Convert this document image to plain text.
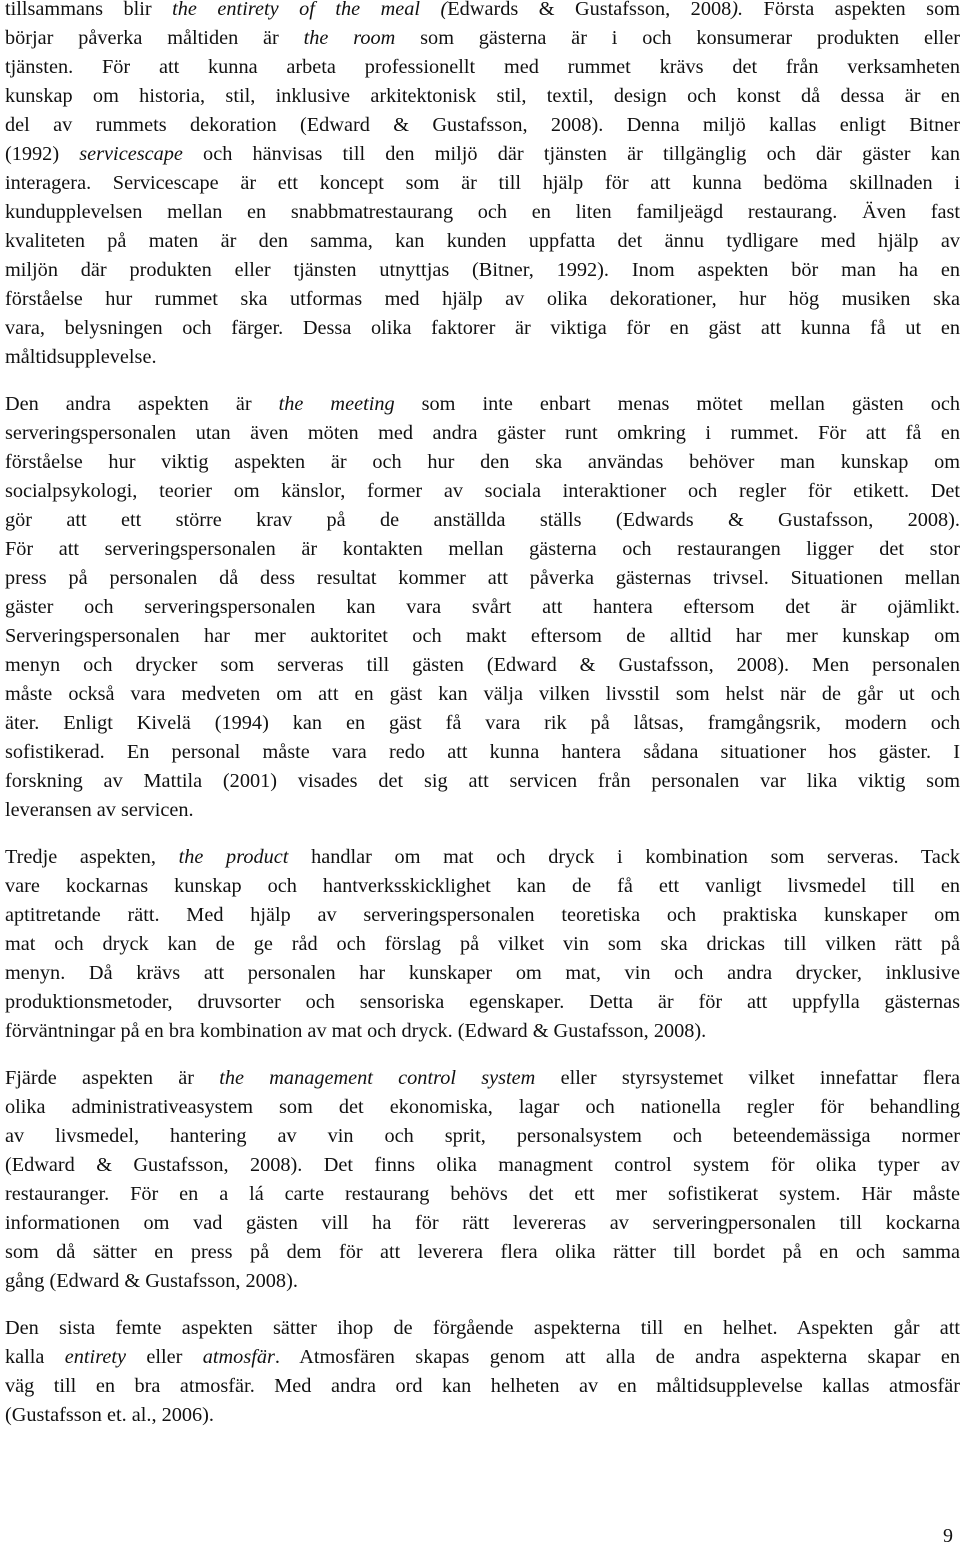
tillsammans blir the entirety of the meal (Edwards & Gustafsson, 2008). Första aspekten som
börjar påverka måltiden är the room som gästerna är i och konsumerar produkten eller
tjänsten. För att kunna arbeta professionellt med rummet krävs det från verksamheten
kunskap om historia, stil, inklusive arkitektonisk stil, textil, design och konst då dessa är en
del av rummets dekoration (Edward & Gustafsson, 2008). Denna miljö kallas enligt Bitner
(1992) servicescape och hänvisas till den miljö där tjänsten är tillgänglig och där gäster kan
interagera. Servicescape är ett koncept som är till hjälp för att kunna bedöma skillnaden i
kundupplevelsen mellan en snabbmatrestaurang och en liten familjeägd restaurang. Även fast
kvaliteten på maten är den samma, kan kunden uppfatta det ännu tydligare med hjälp av
miljön där produkten eller tjänsten utnyttjas (Bitner, 1992). Inom aspekten bör man ha en
förståelse hur rummet ska utformas med hjälp av olika dekorationer, hur hög musiken ska
vara, belysningen och färger. Dessa olika faktorer är viktiga för en gäst att kunna få ut en
måltidsupplevelse.
Den andra aspekten är the meeting som inte enbart menas mötet mellan gästen och
serveringspersonalen utan även möten med andra gäster runt omkring i rummet. För att få en
förståelse hur viktig aspekten är och hur den ska användas behöver man kunskap om
socialpsykologi, teorier om känslor, former av sociala interaktioner och regler för etikett. Det
gör att ett större krav på de anställda ställs (Edwards & Gustafsson, 2008).
För att serveringspersonalen är kontakten mellan gästerna och restaurangen ligger det stor
press på personalen då dess resultat kommer att påverka gästernas trivsel. Situationen mellan
gäster och serveringspersonalen kan vara svårt att hantera eftersom det är ojämlikt.
Serveringspersonalen har mer auktoritet och makt eftersom de alltid har mer kunskap om
menyn och drycker som serveras till gästen (Edward & Gustafsson, 2008). Men personalen
måste också vara medveten om att en gäst kan välja vilken livsstil som helst när de går ut och
äter. Enligt Kivelä (1994) kan en gäst få vara rik på låtsas, framgångsrik, modern och
sofistikerad. En personal måste vara redo att kunna hantera sådana situationer hos gäster. I
forskning av Mattila (2001) visades det sig att servicen från personalen var lika viktig som
leveransen av servicen.
Tredje aspekten, the product handlar om mat och dryck i kombination som serveras. Tack
vare kockarnas kunskap och hantverksskicklighet kan de få ett vanligt livsmedel till en
aptitretande rätt. Med hjälp av serveringspersonalen teoretiska och praktiska kunskaper om
mat och dryck kan de ge råd och förslag på vilket vin som ska drickas till vilken rätt på
menyn. Då krävs att personalen har kunskaper om mat, vin och andra drycker, inklusive
produktionsmetoder, druvsorter och sensoriska egenskaper. Detta är för att uppfylla gästernas
förväntningar på en bra kombination av mat och dryck. (Edward & Gustafsson, 2008).
Fjärde aspekten är the management control system eller styrsystemet vilket innefattar flera
olika administrativeasystem som det ekonomiska, lagar och nationella regler för behandling
av livsmedel, hantering av vin och sprit, personalsystem och beteendemässiga normer
(Edward & Gustafsson, 2008). Det finns olika managment control system för olika typer av
restauranger. För en a lá carte restaurang behövs det ett mer sofistikerat system. Här måste
informationen om vad gästen vill ha för rätt levereras av serveringpersonalen till kockarna
som då sätter en press på dem för att leverera flera olika rätter till bordet på en och samma
gång (Edward & Gustafsson, 2008).
Den sista femte aspekten sätter ihop de förgående aspekterna till en helhet. Aspekten går att
kalla entirety eller atmosfär. Atmosfären skapas genom att alla de andra aspekterna skapar en
väg till en bra atmosfär. Med andra ord kan helheten av en måltidsupplevelse kallas atmosfär
(Gustafsson et. al., 2006).
9
